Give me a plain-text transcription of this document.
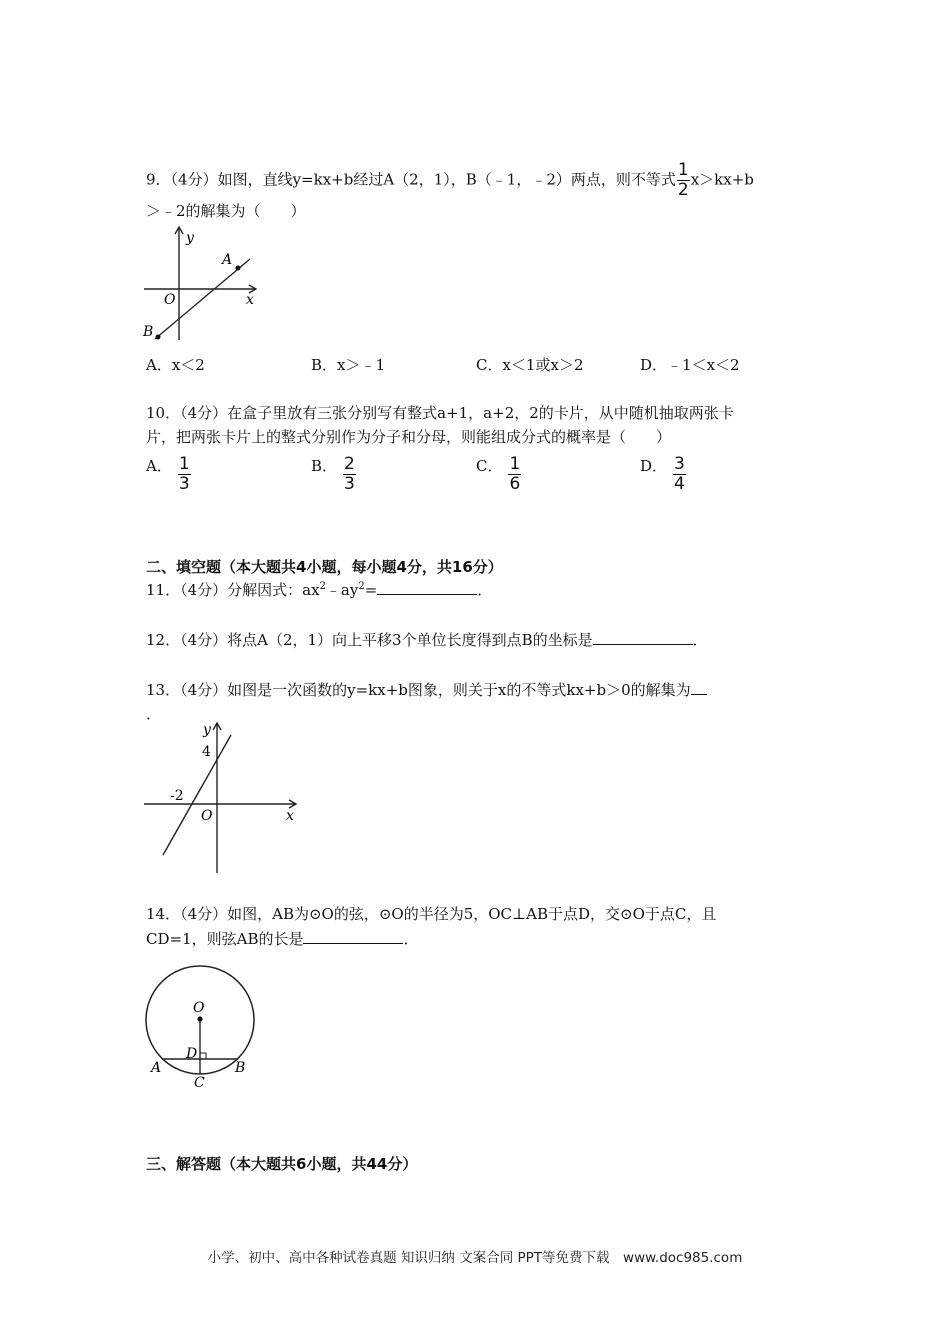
9．（4分）如图，直线y=kx+b经过A（2，1），B（﹣1，﹣2）两点，则不等式 $\frac{1}{2} x>kx+b$
＞﹣2的解集为（　　）
y
x
O
A
B
A．x＜2	B．x＞﹣1	C．x＜1或x＞2	D．﹣1＜x＜2
10．（4分）在盒子里放有三张分别写有整式a+1，a+2，2的卡片，从中随机抽取两张卡
片，把两张卡片上的整式分别作为分子和分母，则能组成分式的概率是（　　）
A． $\frac{1}{3}$	B． $\frac{2}{3}$	C． $\frac{1}{6}$	D． $\frac{3}{4}$
二、填空题（本大题共4小题，每小题4分，共16分）
11．（4分）分解因式：$ax^2﹣ay^2=$	．
12．（4分）将点A（2，1）向上平移3个单位长度得到点B的坐标是	．
13．（4分）如图是一次函数的y=kx+b图象，则关于x的不等式kx+b＞0的解集为
．
y
4
-2
O	x
14．（4分）如图，AB为⊙O的弦，⊙O的半径为5，OC⊥AB于点D，交⊙O于点C，且
CD=1，则弦AB的长是	．
O
D
A	B
C
三、解答题（本大题共6小题，共44分）
小学、初中、高中各种试卷真题 知识归纳 文案合同 PPT等免费下载　www.doc985.com
